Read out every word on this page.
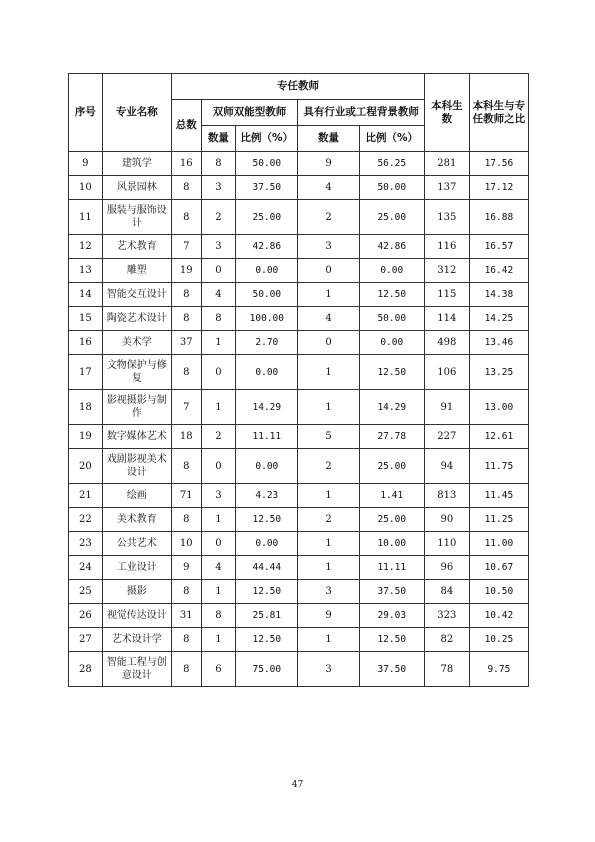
序号	专业名称	专任教师					本科生数	本科生与专任教师之比
		总数	双师双能型教师		具有行业或工程背景教师			
			数量	比例（%）	数量	比例（%）		
9	建筑学	16	8	50.00	9	56.25	281	17.56
10	风景园林	8	3	37.50	4	50.00	137	17.12
11	服装与服饰设计	8	2	25.00	2	25.00	135	16.88
12	艺术教育	7	3	42.86	3	42.86	116	16.57
13	雕塑	19	0	0.00	0	0.00	312	16.42
14	智能交互设计	8	4	50.00	1	12.50	115	14.38
15	陶瓷艺术设计	8	8	100.00	4	50.00	114	14.25
16	美术学	37	1	2.70	0	0.00	498	13.46
17	文物保护与修复	8	0	0.00	1	12.50	106	13.25
18	影视摄影与制作	7	1	14.29	1	14.29	91	13.00
19	数字媒体艺术	18	2	11.11	5	27.78	227	12.61
20	戏剧影视美术设计	8	0	0.00	2	25.00	94	11.75
21	绘画	71	3	4.23	1	1.41	813	11.45
22	美术教育	8	1	12.50	2	25.00	90	11.25
23	公共艺术	10	0	0.00	1	10.00	110	11.00
24	工业设计	9	4	44.44	1	11.11	96	10.67
25	摄影	8	1	12.50	3	37.50	84	10.50
26	视觉传达设计	31	8	25.81	9	29.03	323	10.42
27	艺术设计学	8	1	12.50	1	12.50	82	10.25
28	智能工程与创意设计	8	6	75.00	3	37.50	78	9.75
47
